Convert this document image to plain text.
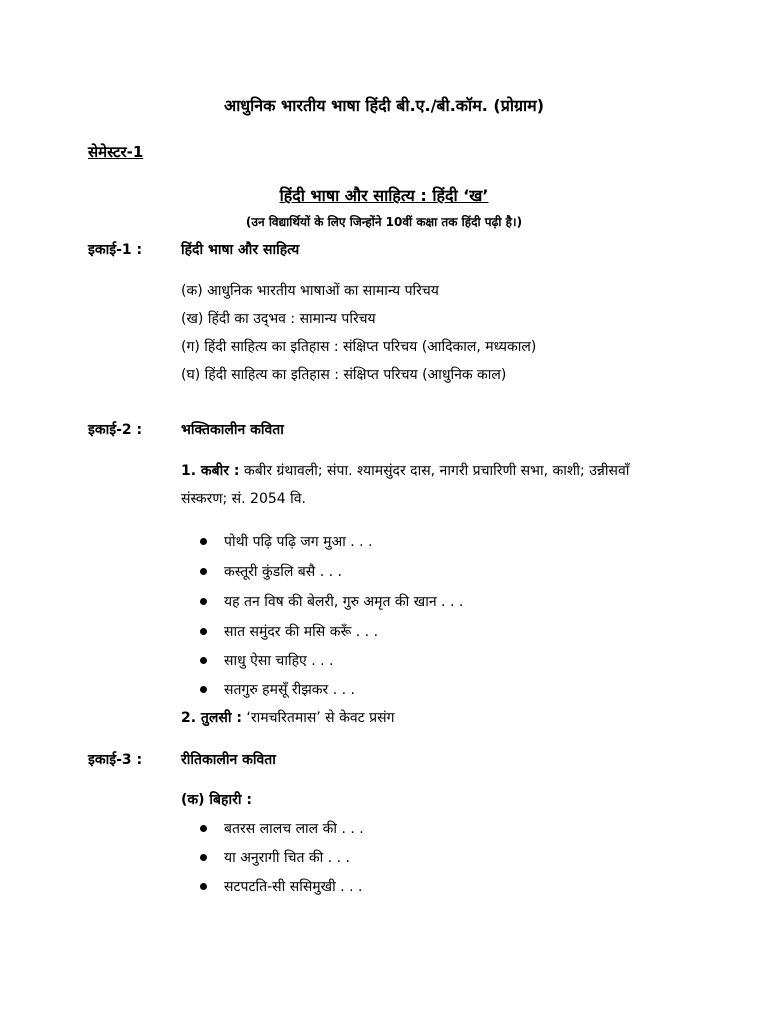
आधुनिक भारतीय भाषा हिंदी बी.ए./बी.कॉम. (प्रोग्राम)
सेमेस्टर-1
हिंदी भाषा और साहित्य : हिंदी ‘ख’
(उन विद्यार्थियों के लिए जिन्होंने 10वीं कक्षा तक हिंदी पढ़ी है।)
इकाई-1 :	हिंदी भाषा और साहित्य
(क) आधुनिक भारतीय भाषाओं का सामान्य परिचय
(ख) हिंदी का उद्‌भव : सामान्य परिचय
(ग) हिंदी साहित्य का इतिहास : संक्षिप्त परिचय (आदिकाल, मध्यकाल)
(घ) हिंदी साहित्य का इतिहास : संक्षिप्त परिचय (आधुनिक काल)
इकाई-2 :	भक्तिकालीन कविता
1. कबीर : कबीर ग्रंथावली; संपा. श्यामसुंदर दास, नागरी प्रचारिणी सभा, काशी; उन्नीसवाँ
संस्करण; सं. 2054 वि.
पोथी पढ़ि पढ़ि जग मुआ . . .
कस्तूरी कुंडलि बसै . . .
यह तन विष की बेलरी, गुरु अमृत की खान . . .
सात समुंदर की मसि करूँ . . .
साधु ऐसा चाहिए . . .
सतगुरु हमसूँ रीझकर . . .
2. तुलसी : ‘रामचरितमास’ से केवट प्रसंग
इकाई-3 :	रीतिकालीन कविता
(क) बिहारी :
बतरस लालच लाल की . . .
या अनुरागी चित की . . .
सटपटति-सी ससिमुखी . . .
